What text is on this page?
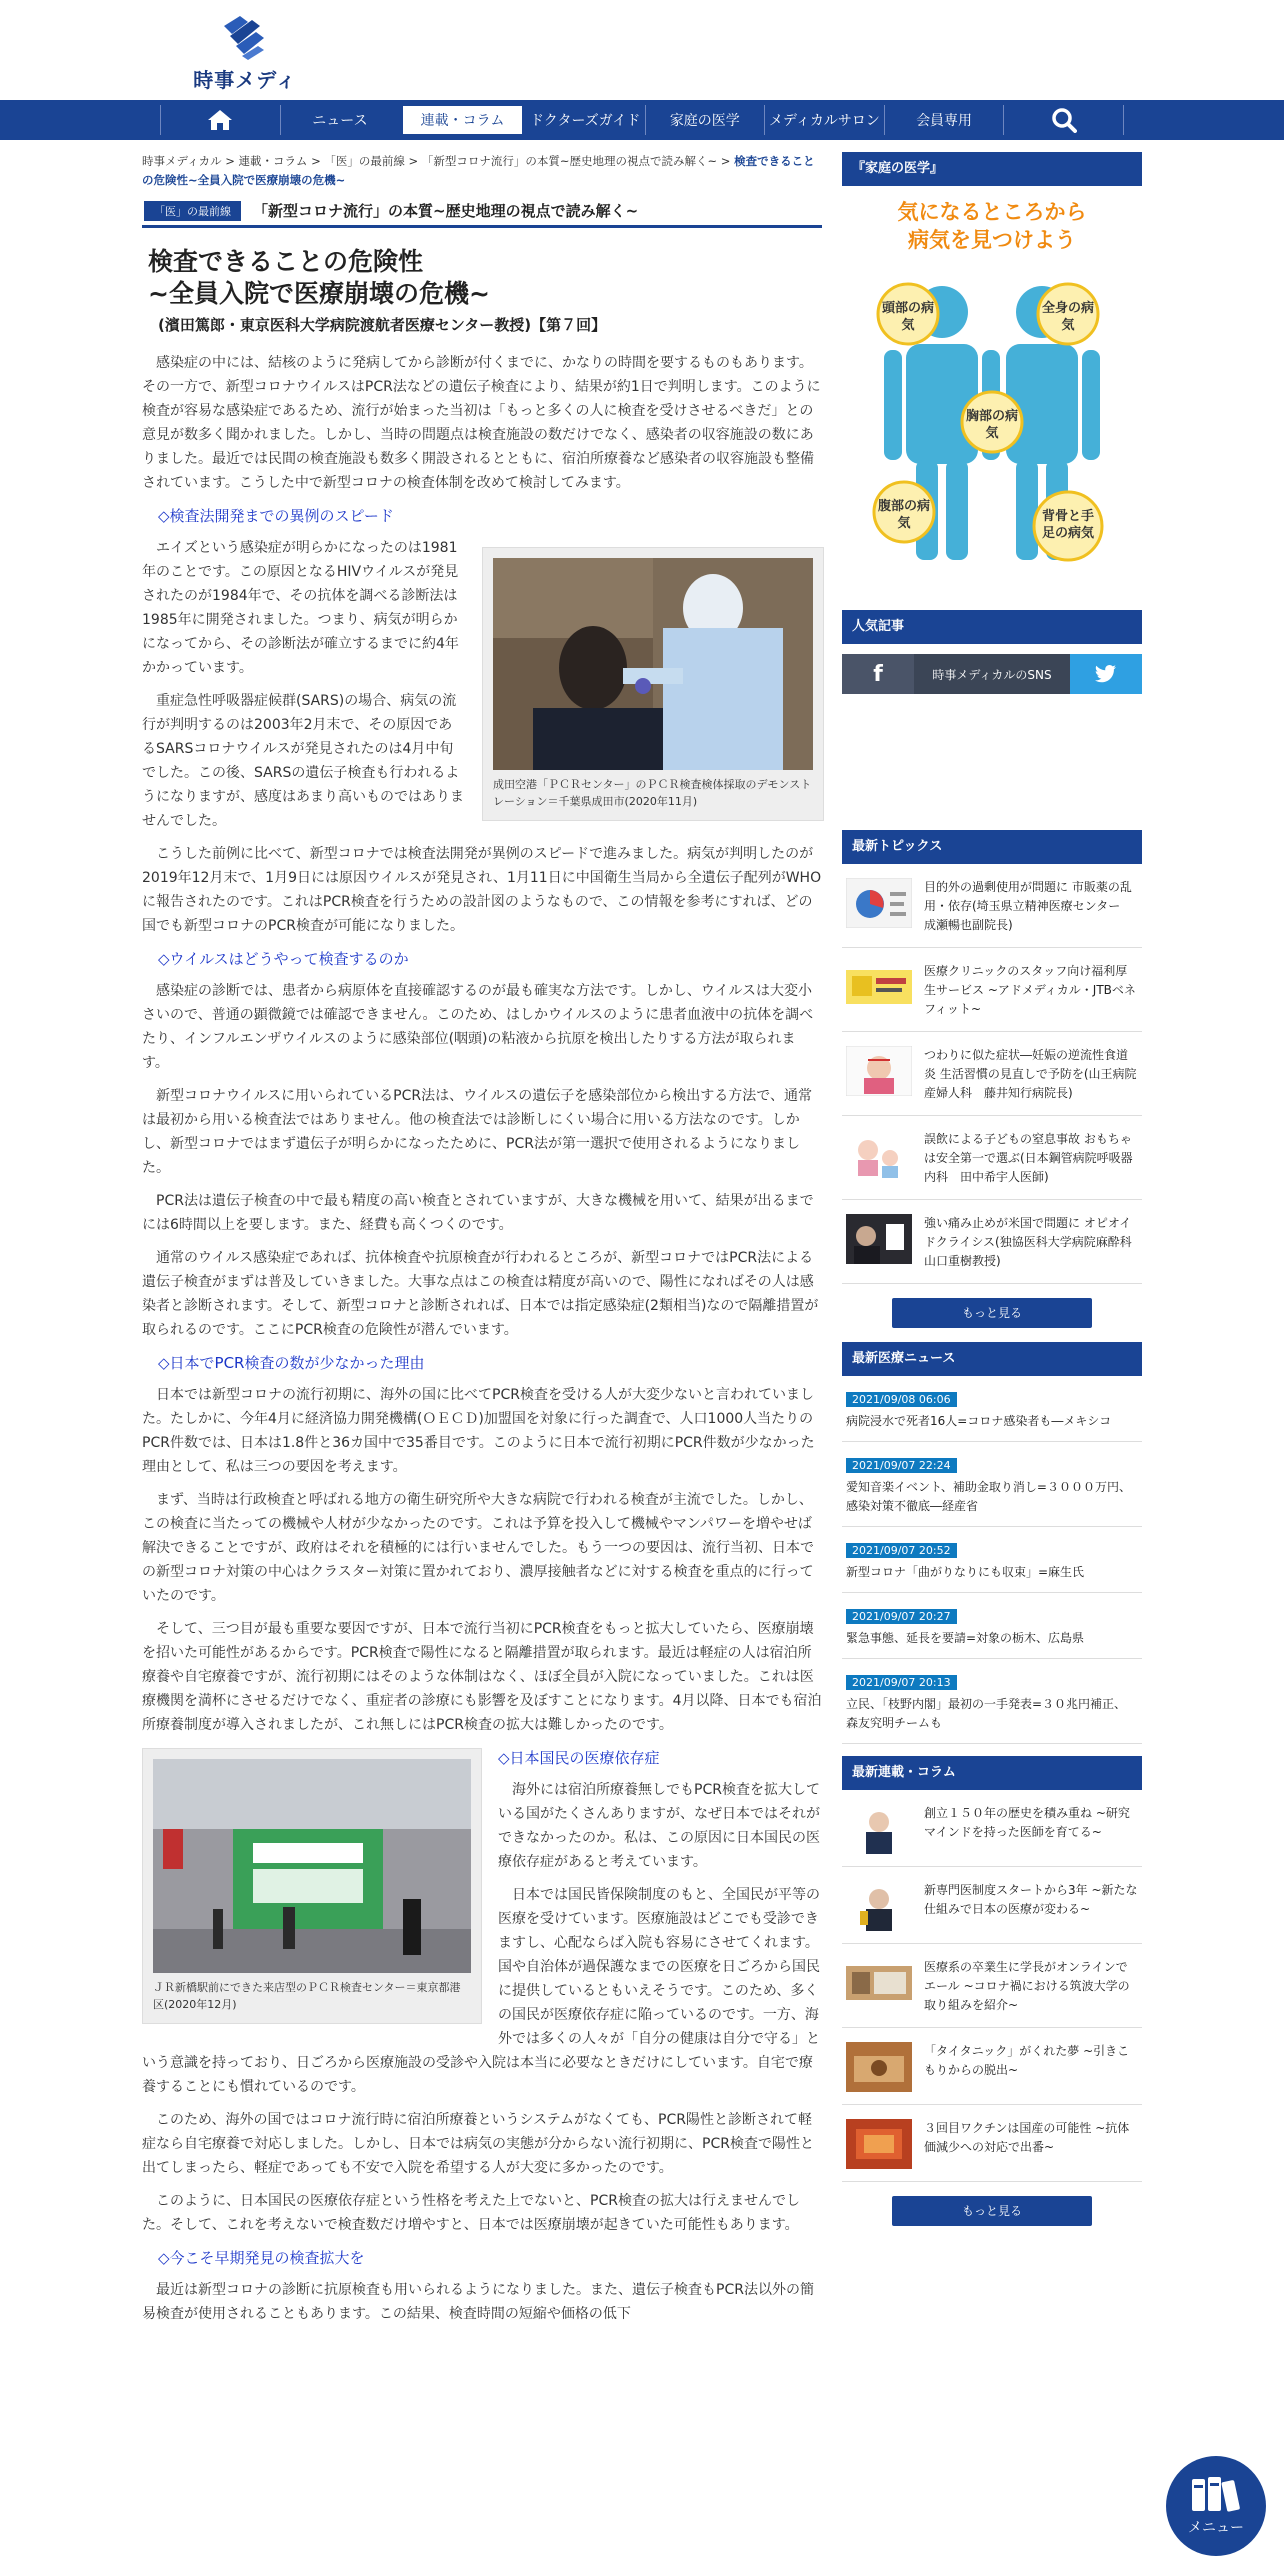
時事メディ
ニュース	連載・コラム	ドクターズガイド	家庭の医学	メディカルサロン	会員専用
時事メディカル > 連載・コラム > 「医」の最前線 > 「新型コロナ流行」の本質~歴史地理の視点で読み解く~ > 検査できることの危険性~全員入院で医療崩壊の危機~
「医」の最前線	「新型コロナ流行」の本質~歴史地理の視点で読み解く~
検査できることの危険性
~全員入院で医療崩壊の危機~
(濱田篤郎・東京医科大学病院渡航者医療センター教授)【第７回】

感染症の中には、結核のように発病してから診断が付くまでに、かなりの時間を要するものもあります。その一方で、新型コロナウイルスはPCR法などの遺伝子検査により、結果が約1日で判明します。このように検査が容易な感染症であるため、流行が始まった当初は「もっと多くの人に検査を受けさせるべきだ」との意見が数多く聞かれました。しかし、当時の問題点は検査施設の数だけでなく、感染者の収容施設の数にありました。最近では民間の検査施設も数多く開設されるとともに、宿泊所療養など感染者の収容施設も整備されています。こうした中で新型コロナの検査体制を改めて検討してみます。

◇検査法開発までの異例のスピード

エイズという感染症が明らかになったのは1981年のことです。この原因となるHIVウイルスが発見されたのが1984年で、その抗体を調べる診断法は1985年に開発されました。つまり、病気が明らかになってから、その診断法が確立するまでに約4年かかっています。

重症急性呼吸器症候群(SARS)の場合、病気の流行が判明するのは2003年2月末で、その原因であるSARSコロナウイルスが発見されたのは4月中旬でした。この後、SARSの遺伝子検査も行われるようになりますが、感度はあまり高いものではありませんでした。

成田空港「ＰＣＲセンター」のＰＣＲ検査検体採取のデモンストレーション＝千葉県成田市(2020年11月)

こうした前例に比べて、新型コロナでは検査法開発が異例のスピードで進みました。病気が判明したのが2019年12月末で、1月9日には原因ウイルスが発見され、1月11日に中国衛生当局から全遺伝子配列がWHOに報告されたのです。これはPCR検査を行うための設計図のようなもので、この情報を参考にすれば、どの国でも新型コロナのPCR検査が可能になりました。

◇ウイルスはどうやって検査するのか

感染症の診断では、患者から病原体を直接確認するのが最も確実な方法です。しかし、ウイルスは大変小さいので、普通の顕微鏡では確認できません。このため、はしかウイルスのように患者血液中の抗体を調べたり、インフルエンザウイルスのように感染部位(咽頭)の粘液から抗原を検出したりする方法が取られます。

新型コロナウイルスに用いられているPCR法は、ウイルスの遺伝子を感染部位から検出する方法で、通常は最初から用いる検査法ではありません。他の検査法では診断しにくい場合に用いる方法なのです。しかし、新型コロナではまず遺伝子が明らかになったために、PCR法が第一選択で使用されるようになりました。

PCR法は遺伝子検査の中で最も精度の高い検査とされていますが、大きな機械を用いて、結果が出るまでには6時間以上を要します。また、経費も高くつくのです。

通常のウイルス感染症であれば、抗体検査や抗原検査が行われるところが、新型コロナではPCR法による遺伝子検査がまずは普及していきました。大事な点はこの検査は精度が高いので、陽性になればその人は感染者と診断されます。そして、新型コロナと診断されれば、日本では指定感染症(2類相当)なので隔離措置が取られるのです。ここにPCR検査の危険性が潜んでいます。

◇日本でPCR検査の数が少なかった理由

日本では新型コロナの流行初期に、海外の国に比べてPCR検査を受ける人が大変少ないと言われていました。たしかに、今年4月に経済協力開発機構(ＯＥＣＤ)加盟国を対象に行った調査で、人口1000人当たりのPCR件数では、日本は1.8件と36カ国中で35番目です。このように日本で流行初期にPCR件数が少なかった理由として、私は三つの要因を考えます。

まず、当時は行政検査と呼ばれる地方の衛生研究所や大きな病院で行われる検査が主流でした。しかし、この検査に当たっての機械や人材が少なかったのです。これは予算を投入して機械やマンパワーを増やせば解決できることですが、政府はそれを積極的には行いませんでした。もう一つの要因は、流行当初、日本での新型コロナ対策の中心はクラスター対策に置かれており、濃厚接触者などに対する検査を重点的に行っていたのです。

そして、三つ目が最も重要な要因ですが、日本で流行当初にPCR検査をもっと拡大していたら、医療崩壊を招いた可能性があるからです。PCR検査で陽性になると隔離措置が取られます。最近は軽症の人は宿泊所療養や自宅療養ですが、流行初期にはそのような体制はなく、ほぼ全員が入院になっていました。これは医療機関を満杯にさせるだけでなく、重症者の診療にも影響を及ぼすことになります。4月以降、日本でも宿泊所療養制度が導入されましたが、これ無しにはPCR検査の拡大は難しかったのです。

ＪＲ新橋駅前にできた来店型のＰＣＲ検査センター＝東京都港区(2020年12月)
◇日本国民の医療依存症

海外には宿泊所療養無しでもPCR検査を拡大している国がたくさんありますが、なぜ日本ではそれができなかったのか。私は、この原因に日本国民の医療依存症があると考えています。

日本では国民皆保険制度のもと、全国民が平等の医療を受けています。医療施設はどこでも受診できますし、心配ならば入院も容易にさせてくれます。国や自治体が過保護なまでの医療を日ごろから国民に提供しているともいえそうです。このため、多くの国民が医療依存症に陥っているのです。一方、海外では多くの人々が「自分の健康は自分で守る」という意識を持っており、日ごろから医療施設の受診や入院は本当に必要なときだけにしています。自宅で療養することにも慣れているのです。

このため、海外の国ではコロナ流行時に宿泊所療養というシステムがなくても、PCR陽性と診断されて軽症なら自宅療養で対応しました。しかし、日本では病気の実態が分からない流行初期に、PCR検査で陽性と出てしまったら、軽症であっても不安で入院を希望する人が大変に多かったのです。

このように、日本国民の医療依存症という性格を考えた上でないと、PCR検査の拡大は行えませんでした。そして、これを考えないで検査数だけ増やすと、日本では医療崩壊が起きていた可能性もあります。

◇今こそ早期発見の検査拡大を

最近は新型コロナの診断に抗原検査も用いられるようになりました。また、遺伝子検査もPCR法以外の簡易検査が使用されることもあります。この結果、検査時間の短縮や価格の低下

『家庭の医学』
気になるところから
病気を見つけよう
頭部の病気
全身の病気
胸部の病気
腹部の病気	背骨と手足の病気
人気記事
f	時事メディカルのSNS
最新トピックス
目的外の過剰使用が問題に 市販薬の乱用・依存(埼玉県立精神医療センター　成瀬暢也副院長)
医療クリニックのスタッフ向け福利厚生サービス ~アドメディカル・JTBベネフィット~
つわりに似た症状―妊娠の逆流性食道炎 生活習慣の見直しで予防を(山王病院産婦人科　藤井知行病院長)
誤飲による子どもの窒息事故 おもちゃは安全第一で選ぶ(日本鋼管病院呼吸器内科　田中希宇人医師)
強い痛み止めが米国で問題に オピオイドクライシス(独協医科大学病院麻酔科　山口重樹教授)
もっと見る
最新医療ニュース
2021/09/08 06:06
病院浸水で死者16人=コロナ感染者も―メキシコ
2021/09/07 22:24
愛知音楽イベント、補助金取り消し=３０００万円、感染対策不徹底―経産省
2021/09/07 20:52
新型コロナ「曲がりなりにも収束」=麻生氏
2021/09/07 20:27
緊急事態、延長を要請=対象の栃木、広島県
2021/09/07 20:13
立民、「枝野内閣」最初の一手発表=３０兆円補正、森友究明チームも
最新連載・コラム
創立１５０年の歴史を積み重ね ~研究マインドを持った医師を育てる~
新専門医制度スタートから3年 ~新たな仕組みで日本の医療が変わる~
医療系の卒業生に学長がオンラインでエール ~コロナ禍における筑波大学の取り組みを紹介~
「タイタニック」がくれた夢 ~引きこもりからの脱出~
３回目ワクチンは国産の可能性 ~抗体価減少への対応で出番~
もっと見る
メニュー
